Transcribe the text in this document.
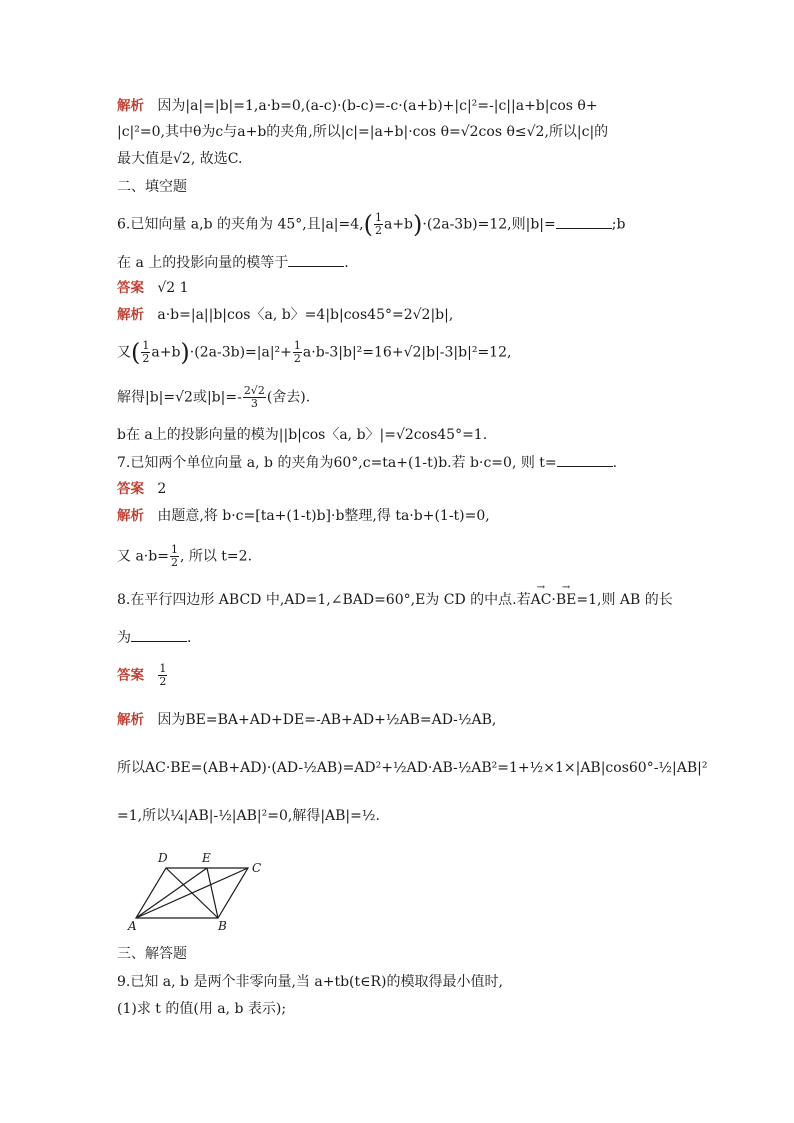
解析 因为|a|=|b|=1,a·b=0,(a-c)·(b-c)=-c·(a+b)+|c|²=-|c||a+b|cos θ+
|c|²=0,其中θ为c与a+b的夹角,所以|c|=|a+b|·cos θ=√2cos θ≤√2,所以|c|的
最大值是√2, 故选C.
二、填空题
6.已知向量 a,b 的夹角为 45°,且$|a|=4,( \frac{1}{2} a+b)\cdot(2a-3b)=12$,则|b|=	;b
在 a 上的投影向量的模等于	.
答案 √2 1
解析 a·b=|a||b|cos〈a, b〉=4|b|cos45°=2√2|b|,
又( $\frac{1}{2} a+b)\cdot(2a-3b)=|a|^2+ \frac{1}{2} a\cdot b-3|b|^2=16+√2|b|-3|b|^2=12$,
解得|b|=√2或$|b|=- \frac{2√2}{3}$ (舍去).
b在 a上的投影向量的模为||b|cos〈a, b〉|=√2cos45°=1.
7.已知两个单位向量 a, b 的夹角为60°,c=ta+(1-t)b.若 b·c=0, 则 t=	.
答案 2
解析 由题意,将 b·c=[ta+(1-t)b]·b整理,得 ta·b+(1-t)=0,
又 $a\cdot b= \frac{1}{2}$ , 所以 t=2.
8.在平行四边形 ABCD 中,AD=1,∠BAD=60°,E为 CD 的中点.若→ AC·→ BE=1,则 AB 的长
为	.
答案 $\frac{1}{2}$
解析 因为BE=BA+AD+DE=-AB+AD+½AB=AD-½AB,
所以AC·BE=(AB+AD)·(AD-½AB)=AD²+½AD·AB-½AB²=1+½×1×|AB|cos60°-½|AB|²
=1,所以¼|AB|-½|AB|²=0,解得|AB|=½.
D	E
C
A	B
三、解答题
9.已知 a, b 是两个非零向量,当 a+tb(t∈R)的模取得最小值时,
(1)求 t 的值(用 a, b 表示);
